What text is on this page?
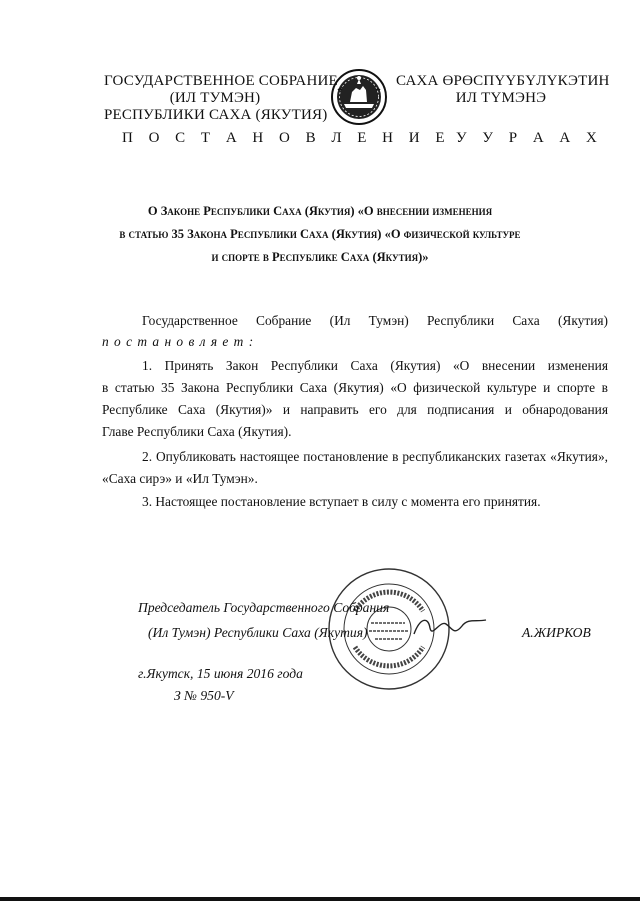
ГОСУДАРСТВЕННОЕ СОБРАНИЕ
(ИЛ ТУМЭН)
РЕСПУБЛИКИ САХА (ЯКУТИЯ)
П О С Т А Н О В Л Е Н И Е
САХА ӨРӨСПҮҮБҮЛҮКЭТИН
ИЛ ТҮМЭНЭ
У У Р А А Х
О Законе Республики Саха (Якутия) «О внесении изменения
в статью 35 Закона Республики Саха (Якутия) «О физической культуре
и спорте в Республике Саха (Якутия)»
Государственное Собрание (Ил Тумэн) Республики Саха (Якутия)
п о с т а н о в л я е т :
1. Принять Закон Республики Саха (Якутия) «О внесении изменения
в статью 35 Закона Республики Саха (Якутия) «О физической культуре и спорте в
Республике Саха (Якутия)» и направить его для подписания и обнародования
Главе Республики Саха (Якутия).
2. Опубликовать настоящее постановление в республиканских газетах «Якутия»,
«Саха сирэ» и «Ил Тумэн».
3. Настоящее постановление вступает в силу с момента его принятия.
Председатель Государственного Собрания
(Ил Тумэн) Республики Саха (Якутия)	А.ЖИРКОВ
г.Якутск, 15 июня 2016 года
З № 950-V
